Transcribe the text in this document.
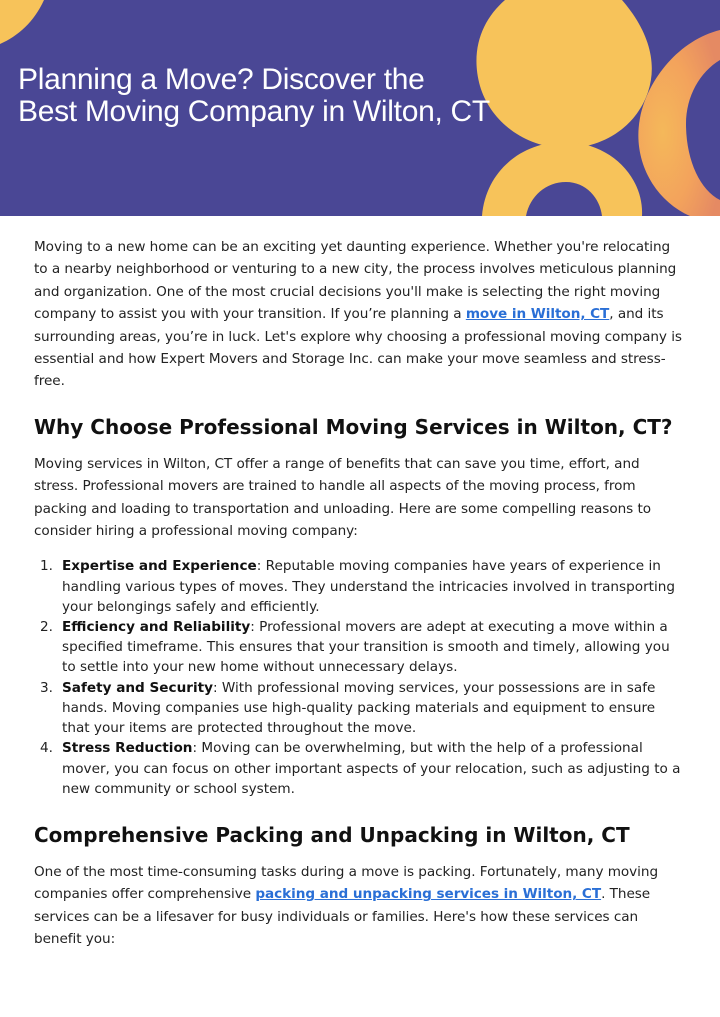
Planning a Move? Discover the
Best Moving Company in Wilton, CT

Moving to a new home can be an exciting yet daunting experience. Whether you're relocating to a nearby neighborhood or venturing to a new city, the process involves meticulous planning and organization. One of the most crucial decisions you'll make is selecting the right moving company to assist you with your transition. If you’re planning a move in Wilton, CT, and its surrounding areas, you’re in luck. Let's explore why choosing a professional moving company is essential and how Expert Movers and Storage Inc. can make your move seamless and stress-free.

Why Choose Professional Moving Services in Wilton, CT?

Moving services in Wilton, CT offer a range of benefits that can save you time, effort, and stress. Professional movers are trained to handle all aspects of the moving process, from packing and loading to transportation and unloading. Here are some compelling reasons to consider hiring a professional moving company:

1. Expertise and Experience: Reputable moving companies have years of experience in handling various types of moves. They understand the intricacies involved in transporting your belongings safely and efficiently.
2. Efficiency and Reliability: Professional movers are adept at executing a move within a specified timeframe. This ensures that your transition is smooth and timely, allowing you to settle into your new home without unnecessary delays.
3. Safety and Security: With professional moving services, your possessions are in safe hands. Moving companies use high-quality packing materials and equipment to ensure that your items are protected throughout the move.
4. Stress Reduction: Moving can be overwhelming, but with the help of a professional mover, you can focus on other important aspects of your relocation, such as adjusting to a new community or school system.
Comprehensive Packing and Unpacking in Wilton, CT

One of the most time-consuming tasks during a move is packing. Fortunately, many moving companies offer comprehensive packing and unpacking services in Wilton, CT. These services can be a lifesaver for busy individuals or families. Here's how these services can benefit you:
